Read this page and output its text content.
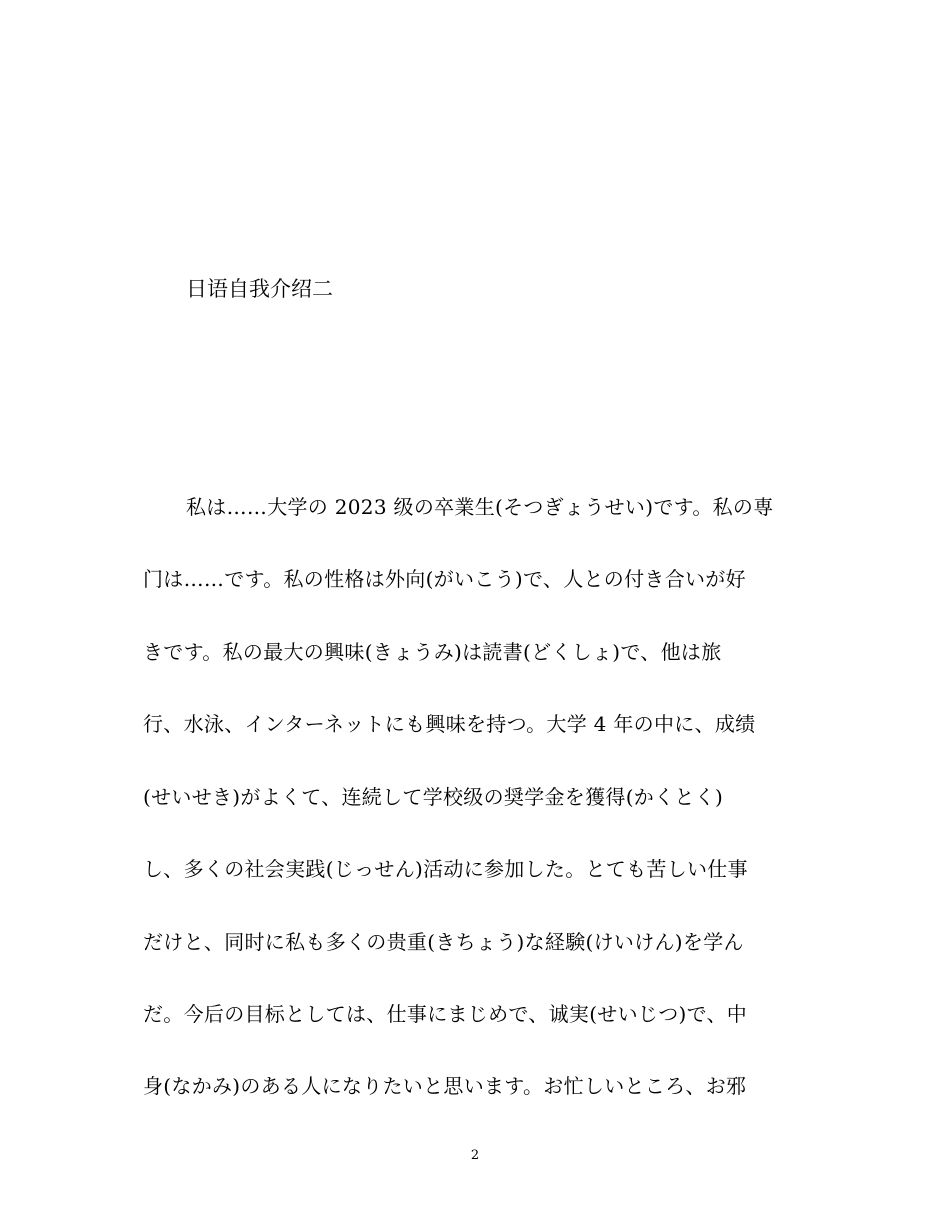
日语自我介绍二
私は……大学の 2023 级の卒業生(そつぎょうせい)です。私の専
门は……です。私の性格は外向(がいこう)で、人との付き合いが好
きです。私の最大の興味(きょうみ)は読書(どくしょ)で、他は旅
行、水泳、インターネットにも興味を持つ。大学 4 年の中に、成绩
(せいせき)がよくて、连続して学校级の奨学金を獲得(かくとく)
し、多くの社会実践(じっせん)活动に参加した。とても苦しい仕事
だけと、同时に私も多くの贵重(きちょう)な経験(けいけん)を学ん
だ。今后の目标としては、仕事にまじめで、诚実(せいじつ)で、中
身(なかみ)のある人になりたいと思います。お忙しいところ、お邪
2
